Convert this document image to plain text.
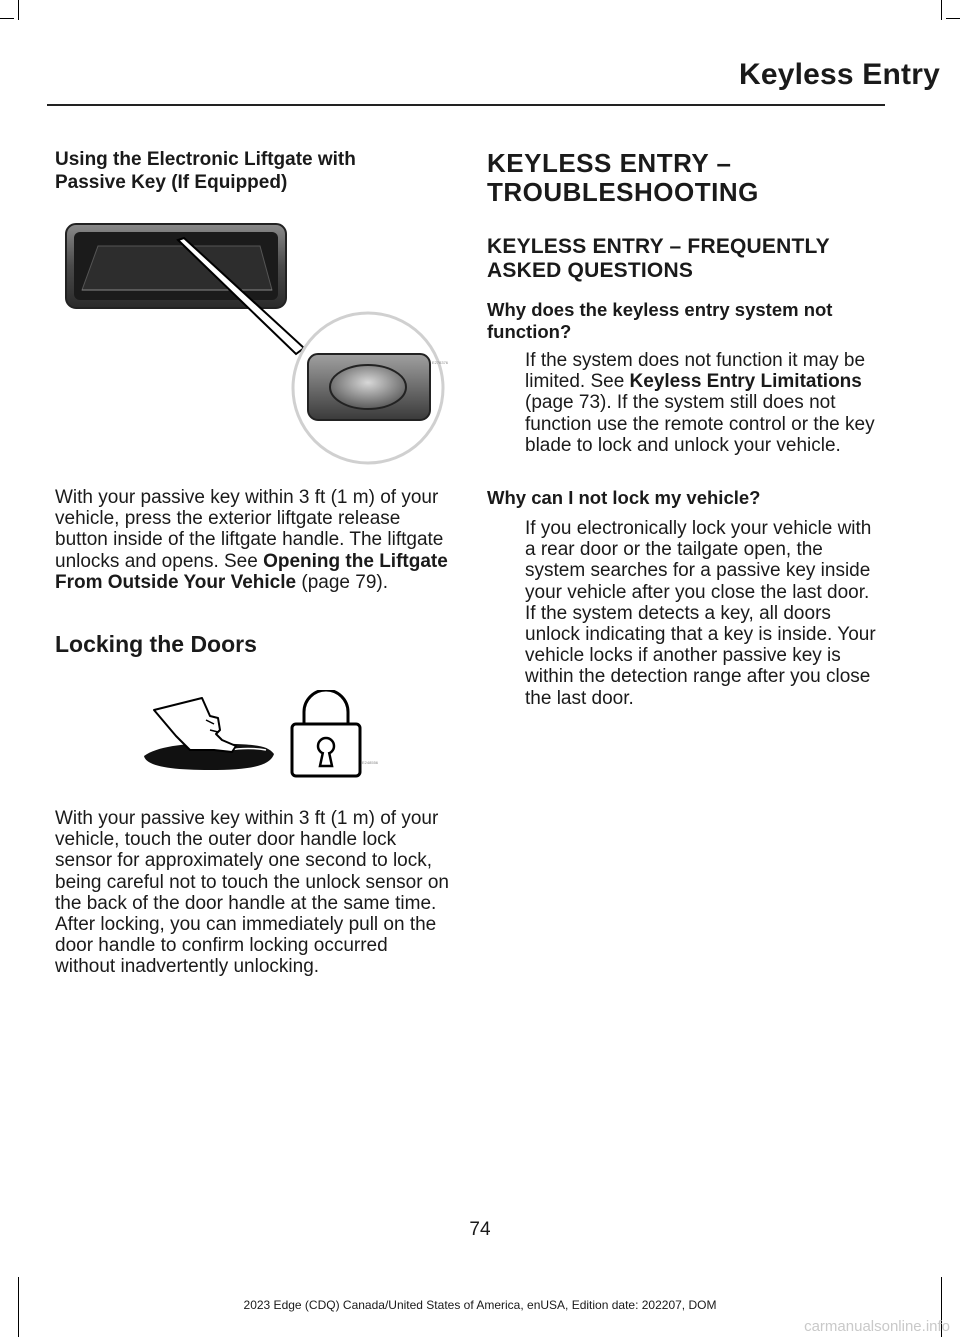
Keyless Entry
Using the Electronic Liftgate with Passive Key (If Equipped)
E278376
With your passive key within 3 ft (1 m) of your vehicle, press the exterior liftgate release button inside of the liftgate handle. The liftgate unlocks and opens. See Opening the Liftgate From Outside Your Vehicle (page 79).
Locking the Doors
E248556
With your passive key within 3 ft (1 m) of your vehicle, touch the outer door handle lock sensor for approximately one second to lock, being careful not to touch the unlock sensor on the back of the door handle at the same time. After locking, you can immediately pull on the door handle to confirm locking occurred without inadvertently unlocking.
KEYLESS ENTRY –
TROUBLESHOOTING
KEYLESS ENTRY – FREQUENTLY ASKED QUESTIONS
Why does the keyless entry system not function?
If the system does not function it may be limited. See Keyless Entry Limitations (page 73). If the system still does not function use the remote control or the key blade to lock and unlock your vehicle.
Why can I not lock my vehicle?
If you electronically lock your vehicle with a rear door or the tailgate open, the system searches for a passive key inside your vehicle after you close the last door. If the system detects a key, all doors unlock indicating that a key is inside. Your vehicle locks if another passive key is within the detection range after you close the last door.
74
2023 Edge (CDQ) Canada/United States of America, enUSA, Edition date: 202207, DOM
carmanualsonline.info
